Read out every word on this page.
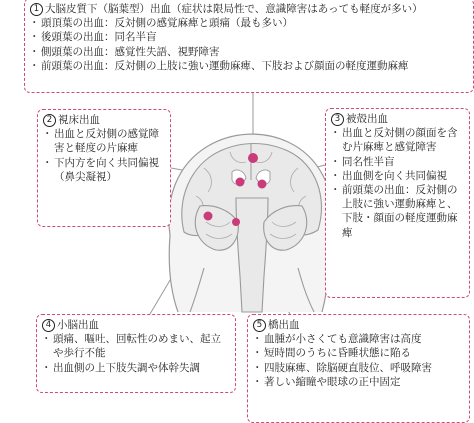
1 大脳皮質下（脳葉型）出血（症状は限局性で、意識障害はあっても軽度が多い）
・ 頭頂葉の出血：反対側の感覚麻痺と頭痛（最も多い）
・ 後頭葉の出血：同名半盲
・ 側頭葉の出血：感覚性失語、視野障害
・ 前頭葉の出血：反対側の上肢に強い運動麻痺、下肢および顔面の軽度運動麻痺
2 視床出血
・ 出血と反対側の感覚障害と軽度の片麻痺
・ 下内方を向く共同偏視（鼻尖凝視）
3 被殻出血
・ 出血と反対側の顔面を含む片麻痺と感覚障害
・ 同名性半盲
・ 出血側を向く共同偏視
・ 前頭葉の出血：反対側の上肢に強い運動麻痺と、下肢・顔面の軽度運動麻痺
4 小脳出血
・ 頭痛、嘔吐、回転性のめまい、起立や歩行不能
・ 出血側の上下肢失調や体幹失調
5 橋出血
・ 血腫が小さくても意識障害は高度
・ 短時間のうちに昏睡状態に陥る
・ 四肢麻痺、除脳硬直肢位、呼吸障害
・ 著しい縮瞳や眼球の正中固定
